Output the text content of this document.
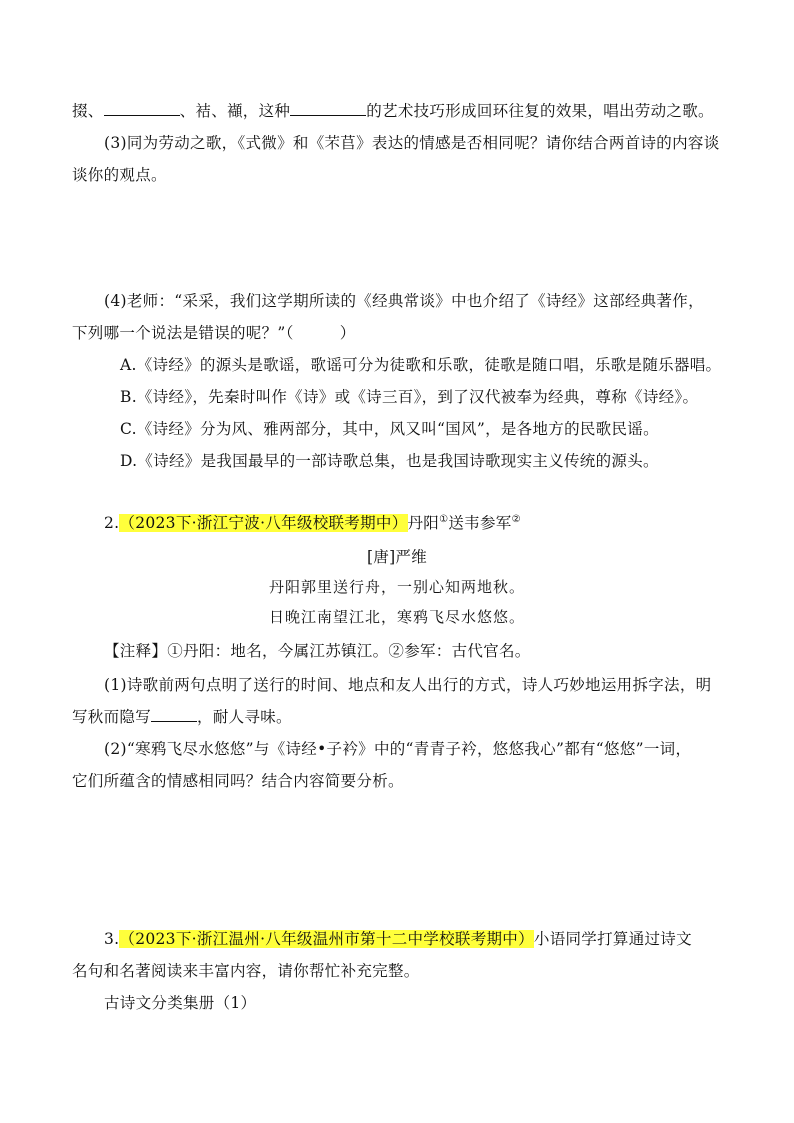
掇、	、袺、襭，这种	的艺术技巧形成回环往复的效果，唱出劳动之歌。
(3)同为劳动之歌，《式微》和《芣苢》表达的情感是否相同呢？请你结合两首诗的内容谈
谈你的观点。
(4)老师：“采采，我们这学期所读的《经典常谈》中也介绍了《诗经》这部经典著作，
下列哪一个说法是错误的呢？”（	）
A.《诗经》的源头是歌谣，歌谣可分为徒歌和乐歌，徒歌是随口唱，乐歌是随乐器唱。
B.《诗经》，先秦时叫作《诗》或《诗三百》，到了汉代被奉为经典，尊称《诗经》。
C.《诗经》分为风、雅两部分，其中，风又叫“国风”，是各地方的民歌民谣。
D.《诗经》是我国最早的一部诗歌总集，也是我国诗歌现实主义传统的源头。
2.（2023下·浙江宁波·八年级校联考期中）丹阳①送韦参军②
[唐]严维
丹阳郭里送行舟，一别心知两地秋。
日晚江南望江北，寒鸦飞尽水悠悠。
【注释】①丹阳：地名，今属江苏镇江。②参军：古代官名。
(1)诗歌前两句点明了送行的时间、地点和友人出行的方式，诗人巧妙地运用拆字法，明
写秋而隐写	，耐人寻味。
(2)“寒鸦飞尽水悠悠”与《诗经•子衿》中的“青青子衿，悠悠我心”都有“悠悠”一词，
它们所蕴含的情感相同吗？结合内容简要分析。
3.（2023下·浙江温州·八年级温州市第十二中学校联考期中）小语同学打算通过诗文
名句和名著阅读来丰富内容，请你帮忙补充完整。
古诗文分类集册（1）
